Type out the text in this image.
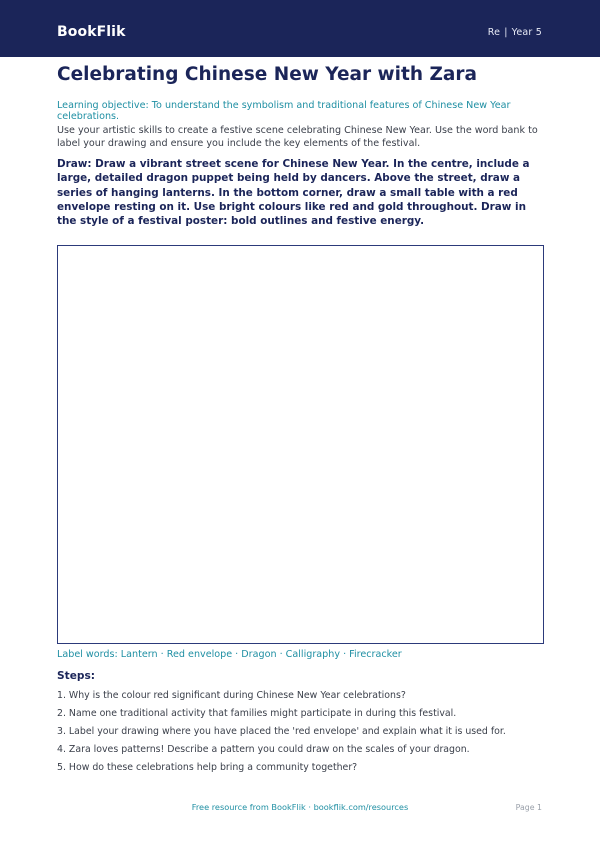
BookFlik	Re | Year 5
Celebrating Chinese New Year with Zara
Learning objective: To understand the symbolism and traditional features of Chinese New Year celebrations.
Use your artistic skills to create a festive scene celebrating Chinese New Year. Use the word bank to label your drawing and ensure you include the key elements of the festival.
Draw: Draw a vibrant street scene for Chinese New Year. In the centre, include a large, detailed dragon puppet being held by dancers. Above the street, draw a series of hanging lanterns. In the bottom corner, draw a small table with a red envelope resting on it. Use bright colours like red and gold throughout. Draw in the style of a festival poster: bold outlines and festive energy.
Label words: Lantern · Red envelope · Dragon · Calligraphy · Firecracker
Steps:
1. Why is the colour red significant during Chinese New Year celebrations?
2. Name one traditional activity that families might participate in during this festival.
3. Label your drawing where you have placed the 'red envelope' and explain what it is used for.
4. Zara loves patterns! Describe a pattern you could draw on the scales of your dragon.
5. How do these celebrations help bring a community together?
Free resource from BookFlik · bookflik.com/resources	Page 1
